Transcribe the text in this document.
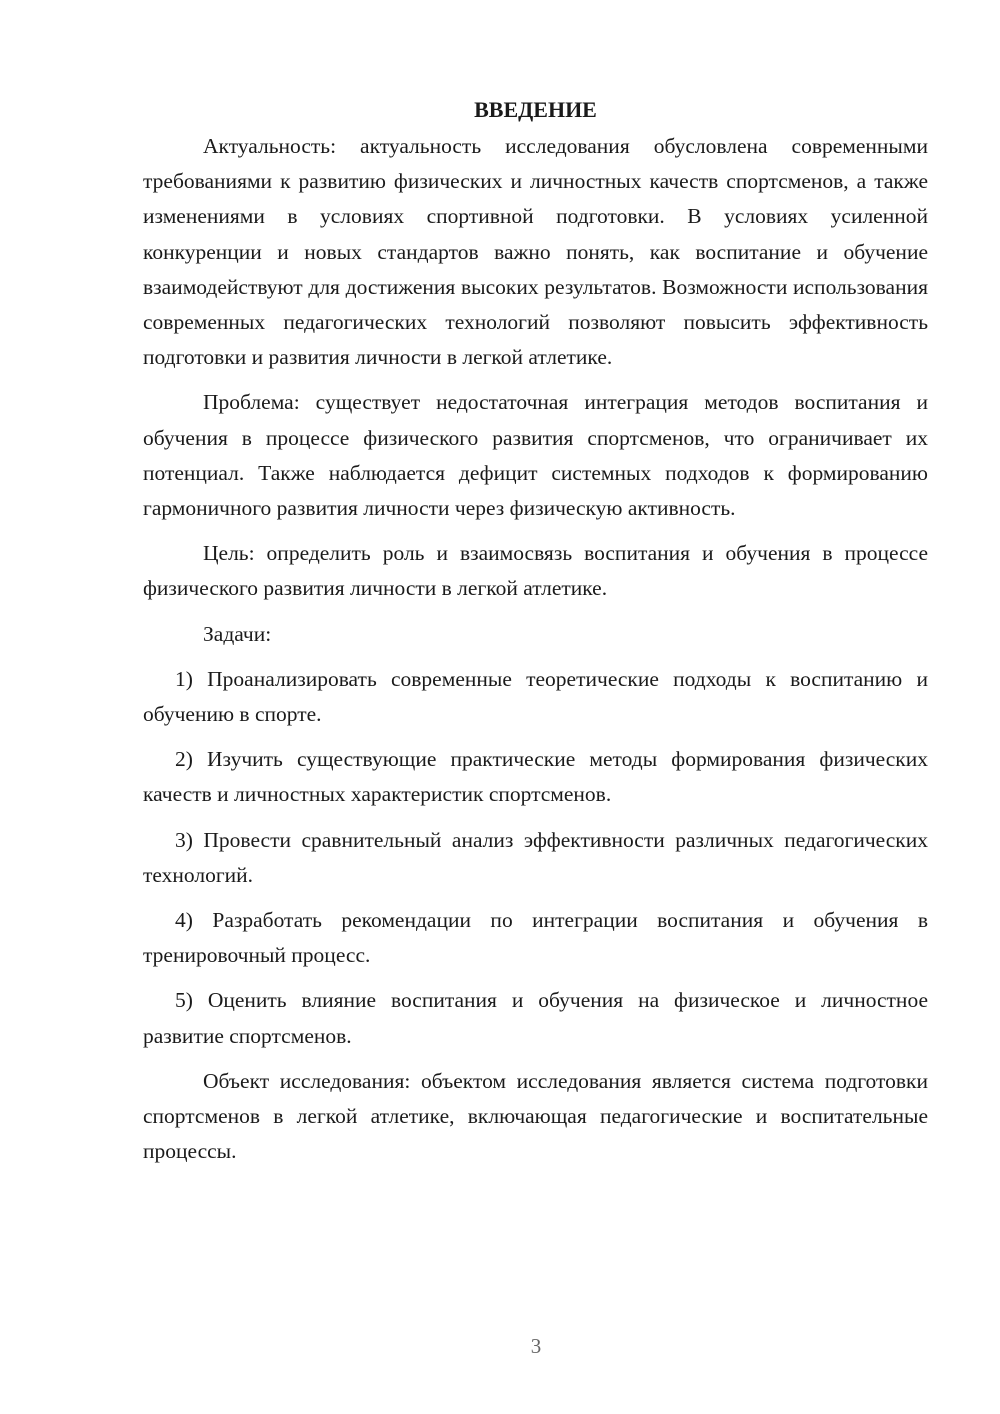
ВВЕДЕНИЕ

Актуальность: актуальность исследования обусловлена современными требованиями к развитию физических и личностных качеств спортсменов, а также изменениями в условиях спортивной подготовки. В условиях усиленной конкуренции и новых стандартов важно понять, как воспитание и обучение взаимодействуют для достижения высоких результатов. Возможности использования современных педагогических технологий позволяют повысить эффективность подготовки и развития личности в легкой атлетике.

Проблема: существует недостаточная интеграция методов воспитания и обучения в процессе физического развития спортсменов, что ограничивает их потенциал. Также наблюдается дефицит системных подходов к формированию гармоничного развития личности через физическую активность.

Цель: определить роль и взаимосвязь воспитания и обучения в процессе физического развития личности в легкой атлетике.

Задачи:

1) Проанализировать современные теоретические подходы к воспитанию и обучению в спорте.

2) Изучить существующие практические методы формирования физических качеств и личностных характеристик спортсменов.

3) Провести сравнительный анализ эффективности различных педагогических технологий.

4) Разработать рекомендации по интеграции воспитания и обучения в тренировочный процесс.

5) Оценить влияние воспитания и обучения на физическое и личностное развитие спортсменов.

Объект исследования: объектом исследования является система подготовки спортсменов в легкой атлетике, включающая педагогические и воспитательные процессы.

3
